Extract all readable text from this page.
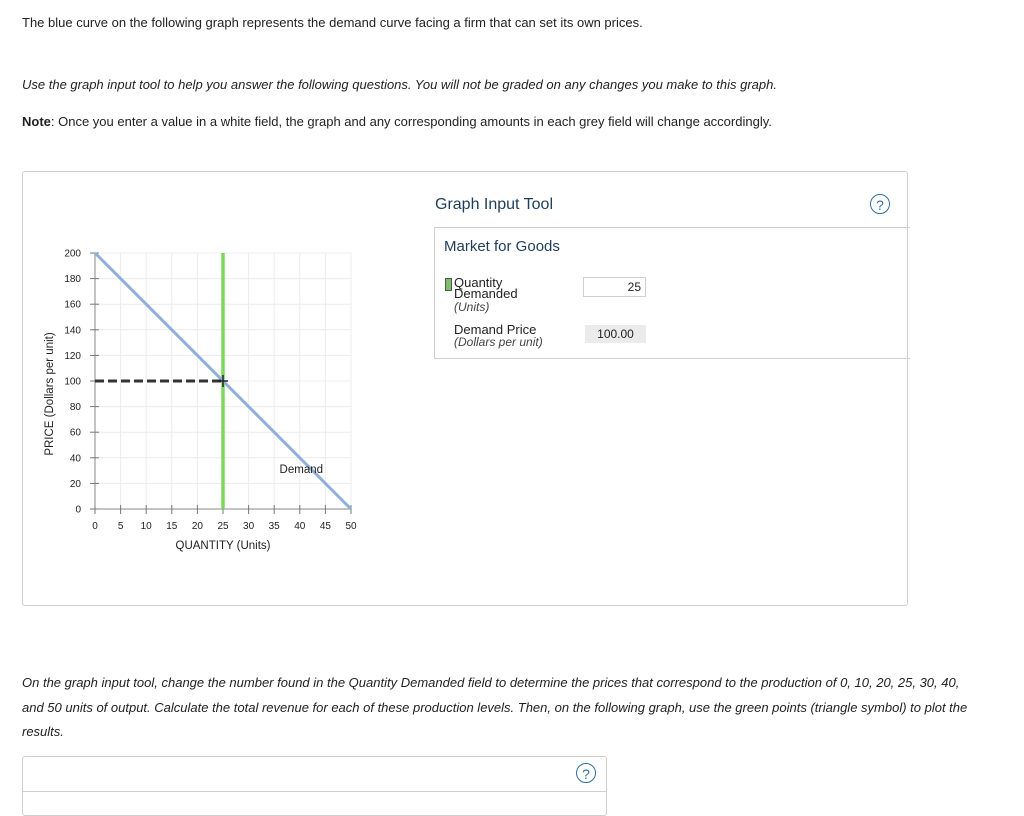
The blue curve on the following graph represents the demand curve facing a firm that can set its own prices.
Use the graph input tool to help you answer the following questions. You will not be graded on any changes you make to this graph.
Note: Once you enter a value in a white field, the graph and any corresponding amounts in each grey field will change accordingly.
0
20
40
60
80
100
120
140
160
180
200
0 5 10 15 20 25 30 35 40 45 50
QUANTITY (Units)
PRICE (Dollars per unit)
Demand
Graph Input Tool	?
Market for Goods
Quantity Demanded
(Units)
25
Demand Price
(Dollars per unit)
100.00
On the graph input tool, change the number found in the Quantity Demanded field to determine the prices that correspond to the production of 0, 10, 20, 25, 30, 40, and 50 units of output. Calculate the total revenue for each of these production levels. Then, on the following graph, use the green points (triangle symbol) to plot the results.
?
